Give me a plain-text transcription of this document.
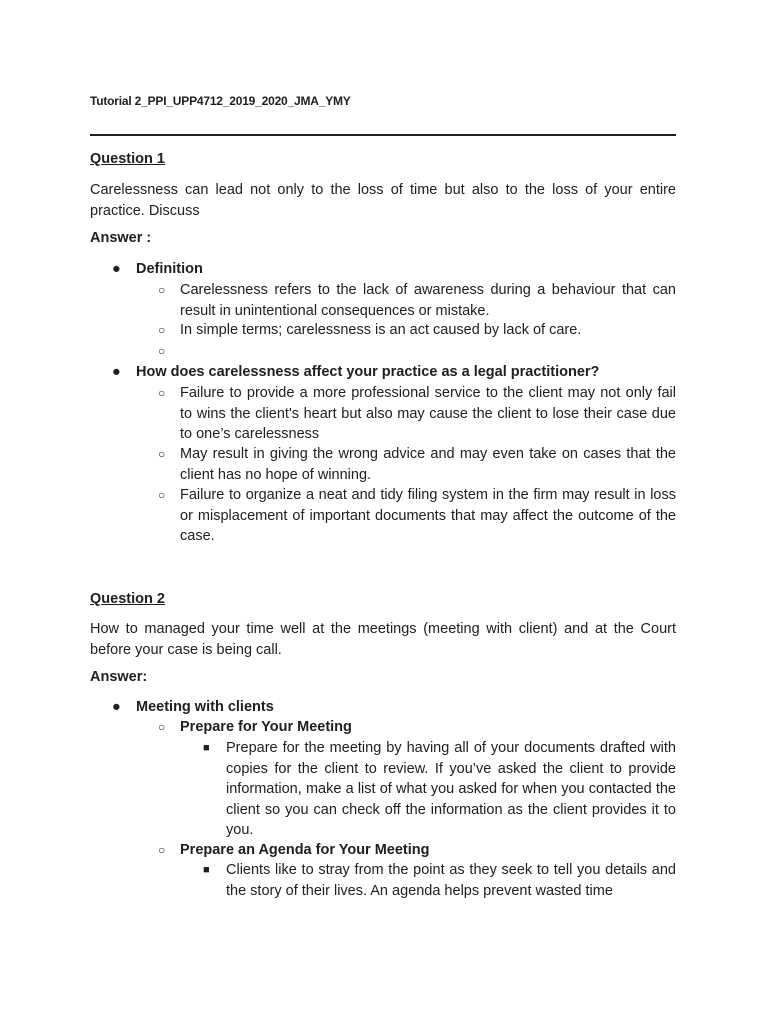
Tutorial 2_PPI_UPP4712_2019_2020_JMA_YMY
Question 1
Carelessness can lead not only to the loss of time but also to the loss of your entire practice. Discuss
Answer :
●	Definition
○	Carelessness refers to the lack of awareness during a behaviour that can result in unintentional consequences or mistake.
○	In simple terms; carelessness is an act caused by lack of care.
○
●	How does carelessness affect your practice as a legal practitioner?
○	Failure to provide a more professional service to the client may not only fail to wins the client's heart but also may cause the client to lose their case due to one’s carelessness
○	May result in giving the wrong advice and may even take on cases that the client has no hope of winning.
○	Failure to organize a neat and tidy filing system in the firm may result in loss or misplacement of important documents that may affect the outcome of the case.
Question 2
How to managed your time well at the meetings (meeting with client) and at the Court before your case is being call.
Answer:
●	Meeting with clients
○	Prepare for Your Meeting
■	Prepare for the meeting by having all of your documents drafted with copies for the client to review. If you’ve asked the client to provide information, make a list of what you asked for when you contacted the client so you can check off the information as the client provides it to you.
○	Prepare an Agenda for Your Meeting
■	Clients like to stray from the point as they seek to tell you details and the story of their lives. An agenda helps prevent wasted time
